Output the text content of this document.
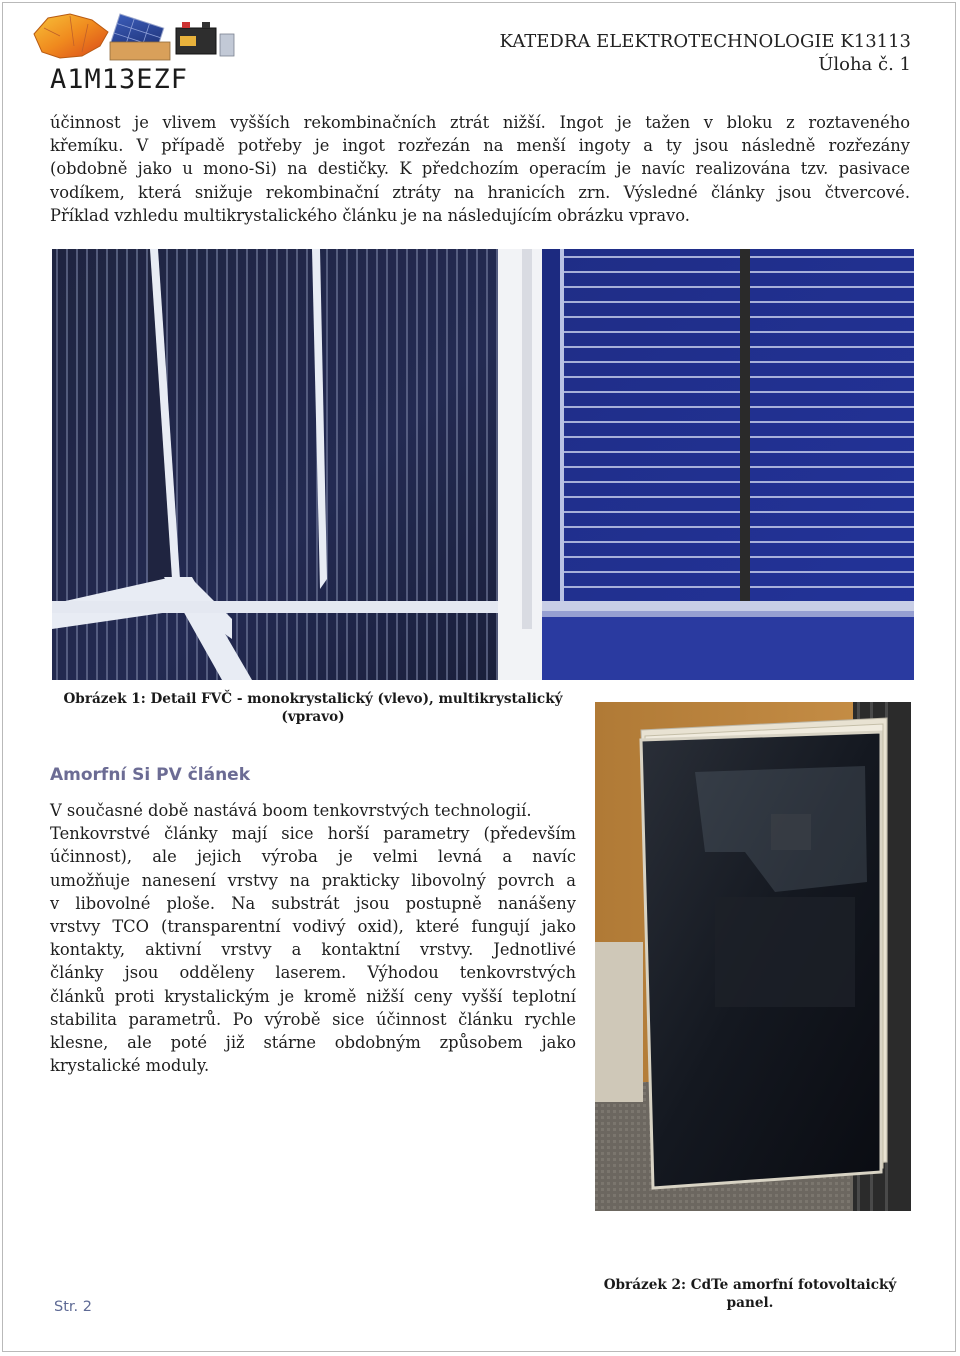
A1M13EZF
KATEDRA ELEKTROTECHNOLOGIE K13113
Úloha č. 1
účinnost je vlivem vyšších rekombinačních ztrát nižší. Ingot je tažen v bloku z roztaveného
křemíku. V případě potřeby je ingot rozřezán na menší ingoty a ty jsou následně rozřezány
(obdobně jako u mono-Si) na destičky. K předchozím operacím je navíc realizována tzv. pasivace
vodíkem, která snižuje rekombinační ztráty na hranicích zrn. Výsledné články jsou čtvercové.
Příklad vzhledu multikrystalického článku je na následujícím obrázku vpravo.
Obrázek 1: Detail FVČ - monokrystalický (vlevo), multikrystalický (vpravo)
Amorfní Si PV článek
V současné době nastává boom tenkovrstvých technologií.
Tenkovrstvé články mají sice horší parametry (především
účinnost), ale jejich výroba je velmi levná a navíc
umožňuje nanesení vrstvy na prakticky libovolný povrch a
v libovolné ploše. Na substrát jsou postupně nanášeny
vrstvy TCO (transparentní vodivý oxid), které fungují jako
kontakty, aktivní vrstvy a kontaktní vrstvy. Jednotlivé
články jsou odděleny laserem. Výhodou tenkovrstvých
článků proti krystalickým je kromě nižší ceny vyšší teplotní
stabilita parametrů. Po výrobě sice účinnost článku rychle
klesne, ale poté již stárne obdobným způsobem jako
krystalické moduly.
Obrázek 2: CdTe amorfní fotovoltaický panel.
Str. 2
